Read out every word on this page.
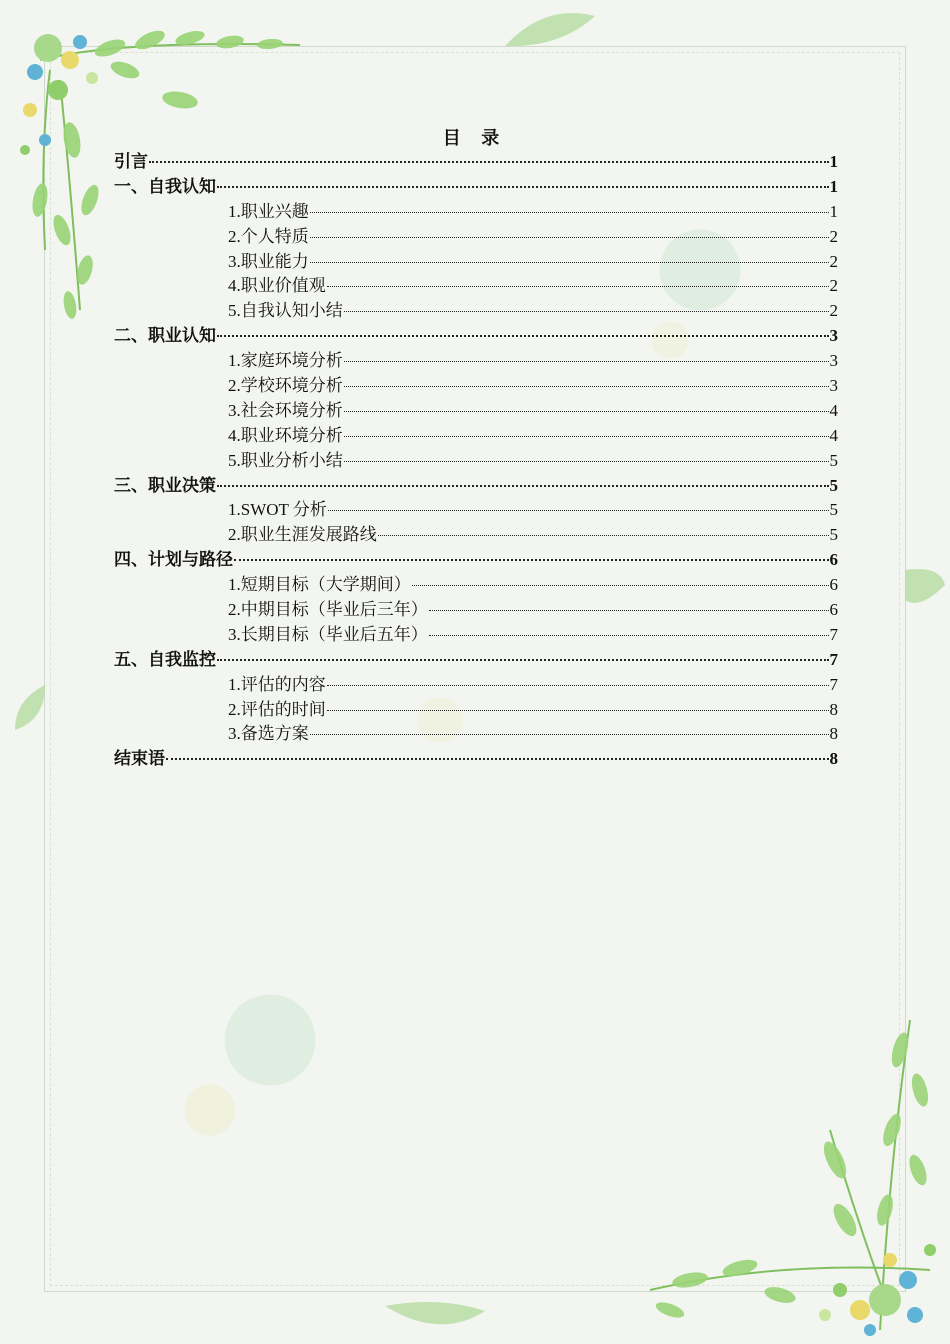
目 录
引言	1
一、自我认知	1
1.职业兴趣	1
2.个人特质	2
3.职业能力	2
4.职业价值观	2
5.自我认知小结	2
二、职业认知	3
1.家庭环境分析	3
2.学校环境分析	3
3.社会环境分析	4
4.职业环境分析	4
5.职业分析小结	5
三、职业决策	5
1.SWOT 分析	5
2.职业生涯发展路线	5
四、计划与路径	6
1.短期目标（大学期间）	6
2.中期目标（毕业后三年）	6
3.长期目标（毕业后五年）	7
五、自我监控	7
1.评估的内容	7
2.评估的时间	8
3.备选方案	8
结束语	8
